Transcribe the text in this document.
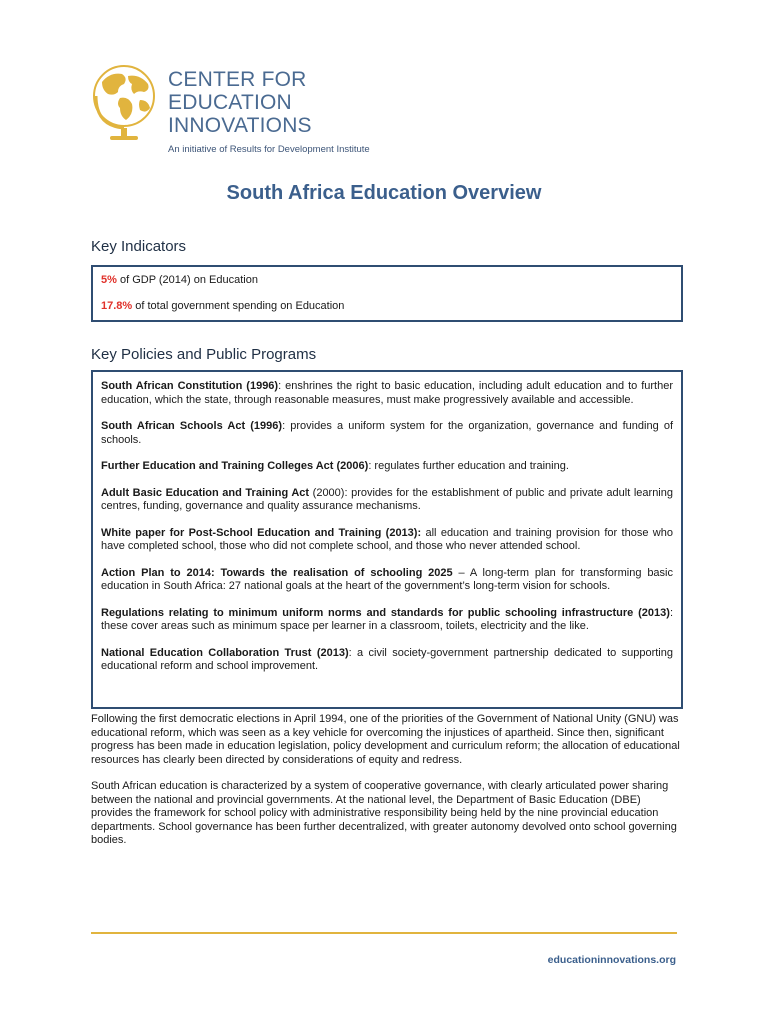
CENTER FOR
EDUCATION INNOVATIONS
An initiative of Results for Development Institute
South Africa Education Overview
Key Indicators
5% of GDP (2014) on Education
17.8% of total government spending on Education
Key Policies and Public Programs

South African Constitution (1996): enshrines the right to basic education, including adult education and to further education, which the state, through reasonable measures, must make progressively available and accessible.

South African Schools Act (1996): provides a uniform system for the organization, governance and funding of schools.

Further Education and Training Colleges Act (2006): regulates further education and training.

Adult Basic Education and Training Act (2000): provides for the establishment of public and private adult learning centres, funding, governance and quality assurance mechanisms.

White paper for Post-School Education and Training (2013): all education and training provision for those who have completed school, those who did not complete school, and those who never attended school.

Action Plan to 2014: Towards the realisation of schooling 2025 – A long-term plan for transforming basic education in South Africa: 27 national goals at the heart of the government’s long-term vision for schools.

Regulations relating to minimum uniform norms and standards for public schooling infrastructure (2013): these cover areas such as minimum space per learner in a classroom, toilets, electricity and the like.

National Education Collaboration Trust (2013): a civil society-government partnership dedicated to supporting educational reform and school improvement.

Following the first democratic elections in April 1994, one of the priorities of the Government of National Unity (GNU) was educational reform, which was seen as a key vehicle for overcoming the injustices of apartheid. Since then, significant progress has been made in education legislation, policy development and curriculum reform; the allocation of educational resources has clearly been directed by considerations of equity and redress.
South African education is characterized by a system of cooperative governance, with clearly articulated power sharing between the national and provincial governments. At the national level, the Department of Basic Education (DBE) provides the framework for school policy with administrative responsibility being held by the nine provincial education departments. School governance has been further decentralized, with greater autonomy devolved onto school governing bodies.
educationinnovations.org
